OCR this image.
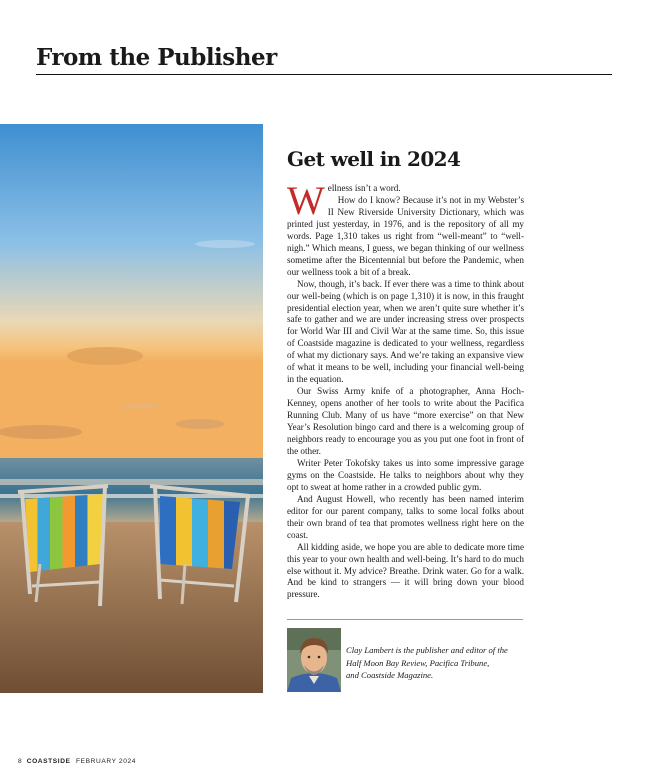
From the Publisher
Get well in 2024

Wellness isn’t a word.

How do I know? Because it’s not in my Webster’s II New Riverside University Dictionary, which was printed just yesterday, in 1976, and is the repository of all my words. Page 1,310 takes us right from “well-meant” to “well-nigh.” Which means, I guess, we began thinking of our wellness sometime after the Bicentennial but before the Pandemic, when our wellness took a bit of a break.

Now, though, it’s back. If ever there was a time to think about our well-being (which is on page 1,310) it is now, in this fraught presidential election year, when we aren’t quite sure whether it’s safe to gather and we are under increasing stress over prospects for World War III and Civil War at the same time. So, this issue of Coastside magazine is dedicated to your wellness, regardless of what my dictionary says. And we’re taking an expansive view of what it means to be well, including your financial well-being in the equation.

Our Swiss Army knife of a photographer, Anna Hoch-Kenney, opens another of her tools to write about the Pacifica Running Club. Many of us have “more exercise” on that New Year’s Resolution bingo card and there is a welcoming group of neighbors ready to encourage you as you put one foot in front of the other.

Writer Peter Tokofsky takes us into some impressive garage gyms on the Coastside. He talks to neighbors about why they opt to sweat at home rather in a crowded public gym.

And August Howell, who recently has been named interim editor for our parent company, talks to some local folks about their own brand of tea that promotes wellness right here on the coast.

All kidding aside, we hope you are able to dedicate more time this year to your own health and well-being. It’s hard to do much else without it. My advice? Breathe. Drink water. Go for a walk. And be kind to strangers — it will bring down your blood pressure.

Clay Lambert is the publisher and editor of the
Half Moon Bay Review, Pacifica Tribune,
and Coastside Magazine.
8 COASTSIDE FEBRUARY 2024
